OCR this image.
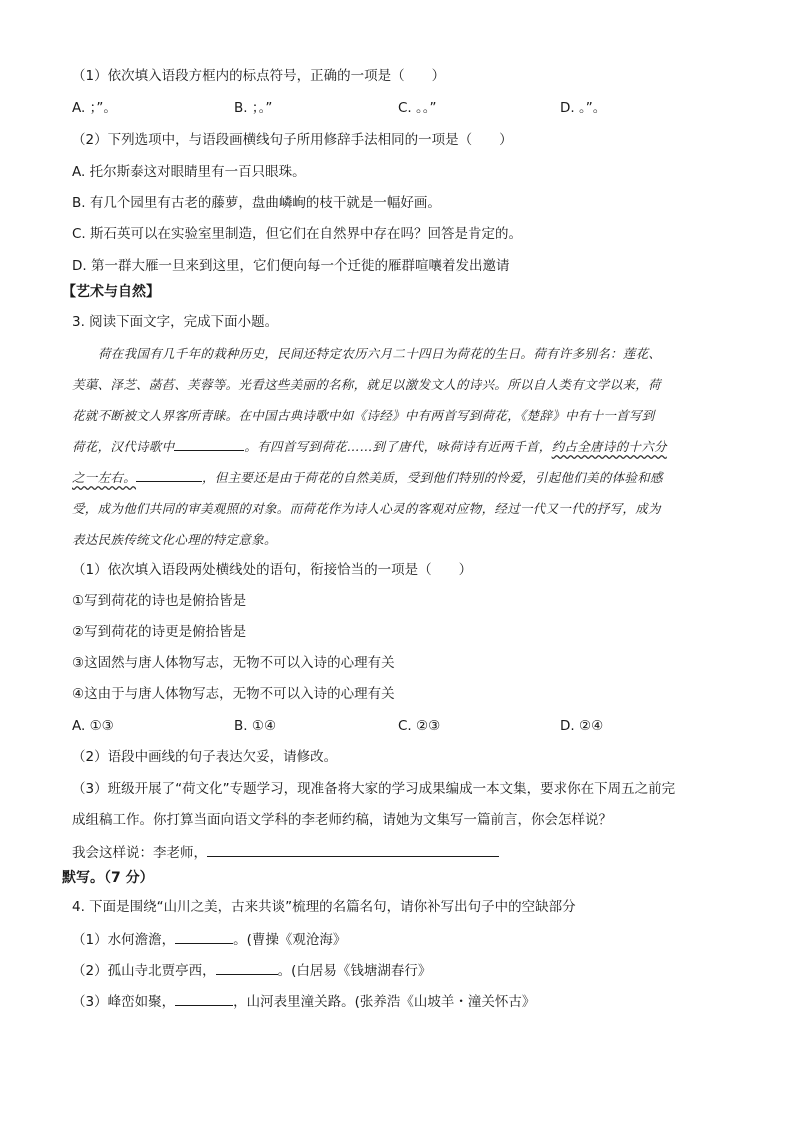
（1）依次填入语段方框内的标点符号，正确的一项是（　　）
A. ；”。	B. ；。”	C. 。。”	D. 。”。
（2）下列选项中，与语段画横线句子所用修辞手法相同的一项是（　　）
A. 托尔斯泰这对眼睛里有一百只眼珠。
B. 有几个园里有古老的藤萝，盘曲嶙峋的枝干就是一幅好画。
C. 斯石英可以在实验室里制造，但它们在自然界中存在吗？回答是肯定的。
D. 第一群大雁一旦来到这里，它们便向每一个迁徙的雁群喧嚷着发出邀请
【艺术与自然】
3. 阅读下面文字，完成下面小题。
荷在我国有几千年的栽种历史，民间还特定农历六月二十四日为荷花的生日。荷有许多别名：莲花、
芙蕖、泽芝、菡萏、芙蓉等。光看这些美丽的名称，就足以激发文人的诗兴。所以自人类有文学以来，荷
花就不断被文人界客所青睐。在中国古典诗歌中如《诗经》中有两首写到荷花，《楚辞》中有十一首写到
荷花，汉代诗歌中	。有四首写到荷花……到了唐代，咏荷诗有近两千首，约占全唐诗的十六分
之一左右。	，但主要还是由于荷花的自然美质，受到他们特别的怜爱，引起他们美的体验和感
受，成为他们共同的审美观照的对象。而荷花作为诗人心灵的客观对应物，经过一代又一代的抒写，成为
表达民族传统文化心理的特定意象。
（1）依次填入语段两处横线处的语句，衔接恰当的一项是（　　）
①写到荷花的诗也是俯拾皆是
②写到荷花的诗更是俯拾皆是
③这固然与唐人体物写志，无物不可以入诗的心理有关
④这由于与唐人体物写志，无物不可以入诗的心理有关
A. ①③	B. ①④	C. ②③	D. ②④
（2）语段中画线的句子表达欠妥，请修改。
（3）班级开展了“荷文化”专题学习，现准备将大家的学习成果编成一本文集，要求你在下周五之前完
成组稿工作。你打算当面向语文学科的李老师约稿，请她为文集写一篇前言，你会怎样说？
我会这样说：李老师，
默写。（7 分）
4. 下面是围绕“山川之美，古来共谈”梳理的名篇名句，请你补写出句子中的空缺部分
（1）水何澹澹，	。(曹操《观沧海》
（2）孤山寺北贾亭西，	。(白居易《钱塘湖春行》
（3）峰峦如聚，	，山河表里潼关路。(张养浩《山坡羊・潼关怀古》
